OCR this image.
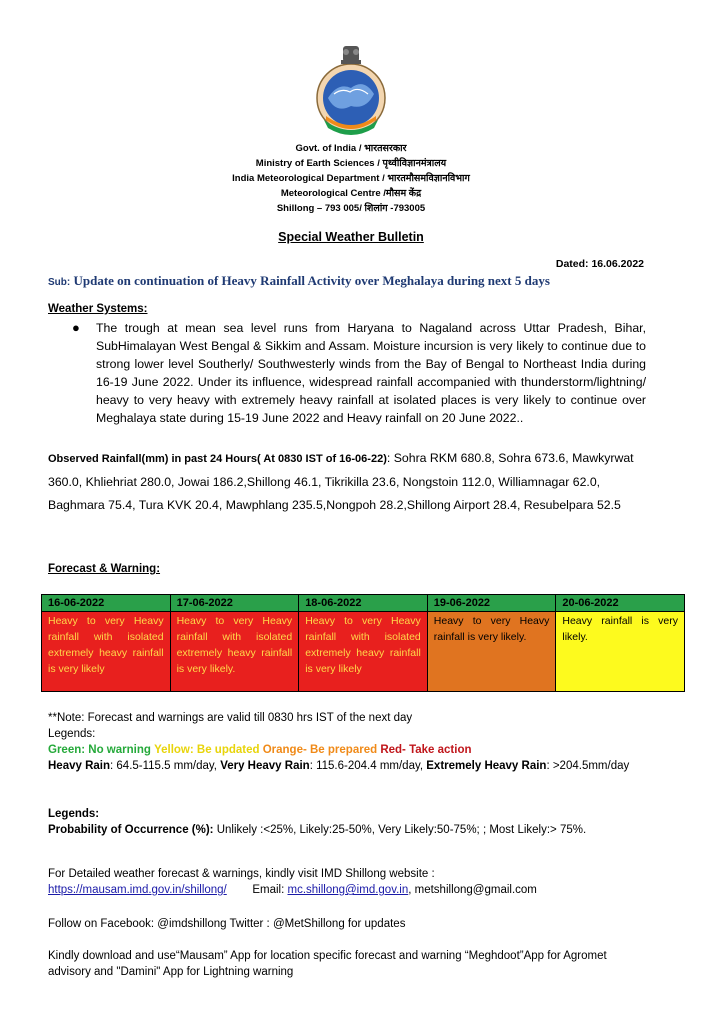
Govt. of India / भारतसरकार
Ministry of Earth Sciences / पृथ्वीविज्ञानमंत्रालय
India Meteorological Department / भारतमौसमविज्ञानविभाग
Meteorological Centre /मौसम केंद्र
Shillong – 793 005/ शिलांग -793005
Special Weather Bulletin
Dated: 16.06.2022
Sub: Update on continuation of Heavy Rainfall Activity over Meghalaya during next 5 days
Weather Systems:
● The trough at mean sea level runs from Haryana to Nagaland across Uttar Pradesh, Bihar, SubHimalayan West Bengal & Sikkim and Assam. Moisture incursion is very likely to continue due to strong lower level Southerly/ Southwesterly winds from the Bay of Bengal to Northeast India during 16-19 June 2022. Under its influence, widespread rainfall accompanied with thunderstorm/lightning/ heavy to very heavy with extremely heavy rainfall at isolated places is very likely to continue over Meghalaya state during 15-19 June 2022 and Heavy rainfall on 20 June 2022..
Observed Rainfall(mm) in past 24 Hours( At 0830 IST of 16-06-22): Sohra RKM 680.8, Sohra 673.6, Mawkyrwat 360.0, Khliehriat 280.0, Jowai 186.2,Shillong 46.1, Tikrikilla 23.6, Nongstoin 112.0, Williamnagar 62.0, Baghmara 75.4, Tura KVK 20.4, Mawphlang 235.5,Nongpoh 28.2,Shillong Airport 28.4, Resubelpara 52.5
Forecast & Warning:
16-06-2022	17-06-2022	18-06-2022	19-06-2022	20-06-2022
Heavy to very Heavy rainfall with isolated extremely heavy rainfall is very likely	Heavy to very Heavy rainfall with isolated extremely heavy rainfall is very likely.	Heavy to very Heavy rainfall with isolated extremely heavy rainfall is very likely	Heavy to very Heavy rainfall is very likely.	Heavy rainfall is very likely.
**Note: Forecast and warnings are valid till 0830 hrs IST of the next day
Legends:
Green: No warning Yellow: Be updated Orange- Be prepared Red- Take action
Heavy Rain: 64.5-115.5 mm/day, Very Heavy Rain: 115.6-204.4 mm/day, Extremely Heavy Rain: >204.5mm/day
Legends:
Probability of Occurrence (%): Unlikely :<25%, Likely:25-50%, Very Likely:50-75%; ; Most Likely:> 75%.
For Detailed weather forecast & warnings, kindly visit IMD Shillong website :
https://mausam.imd.gov.in/shillong/ Email: mc.shillong@imd.gov.in, metshillong@gmail.com
Follow on Facebook: @imdshillong Twitter : @MetShillong for updates
Kindly download and use“Mausam” App for location specific forecast and warning “Meghdoot”App for Agromet advisory and "Damini" App for Lightning warning
